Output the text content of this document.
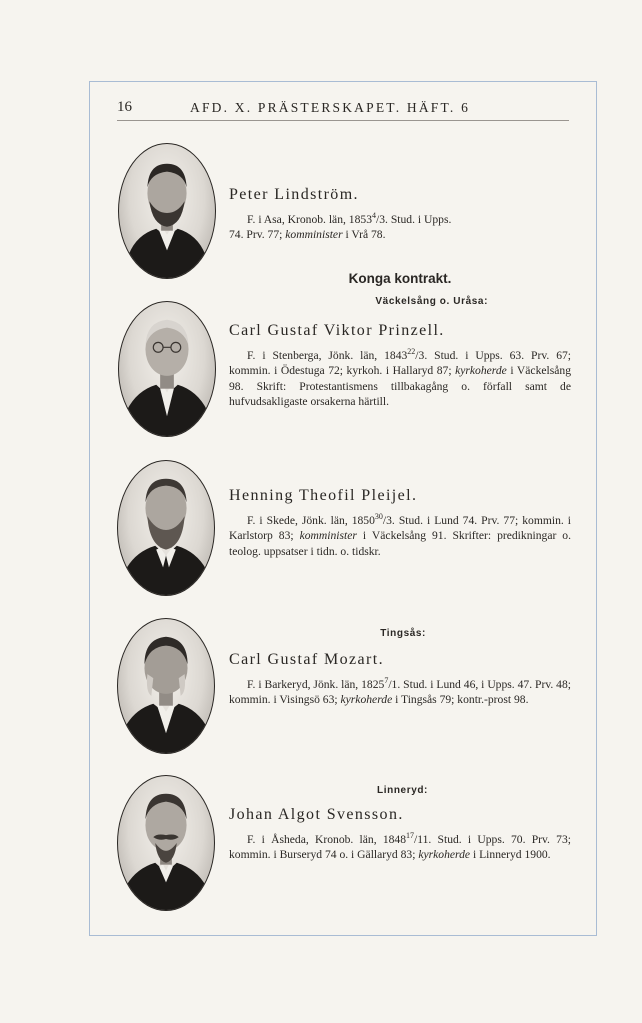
16	AFD. X. PRÄSTERSKAPET. HÄFT. 6

Peter Lindström.

F. i Asa, Kronob. län, 1853$^4$/3. Stud. i Upps.
74. Prv. 77; komminister i Vrå 78.

Konga kontrakt.
Väckelsång o. Uråsa:

Carl Gustaf Viktor Prinzell.

F. i Stenberga, Jönk. län, 1843$^{22}$/3. Stud. i Upps. 63. Prv. 67; kommin. i Ödestuga 72; kyrkoh. i Hallaryd 87; kyrkoherde i Väckelsång 98. Skrift: Protestantismens tillbakagång o. förfall samt de hufvudsakligaste orsakerna härtill.

Henning Theofil Pleijel.

F. i Skede, Jönk. län, 1850$^{30}$/3. Stud. i Lund 74. Prv. 77; kommin. i Karlstorp 83; komminister i Väckelsång 91. Skrifter: predikningar o. teolog. uppsatser i tidn. o. tidskr.

Tingsås:

Carl Gustaf Mozart.

F. i Barkeryd, Jönk. län, 1825$^7$/1. Stud. i Lund 46, i Upps. 47. Prv. 48; kommin. i Visingsö 63; kyrkoherde i Tingsås 79; kontr.-prost 98.

Linneryd:

Johan Algot Svensson.

F. i Åsheda, Kronob. län, 1848$^{17}$/11. Stud. i Upps. 70. Prv. 73; kommin. i Burseryd 74 o. i Gällaryd 83; kyrkoherde i Linneryd 1900.
